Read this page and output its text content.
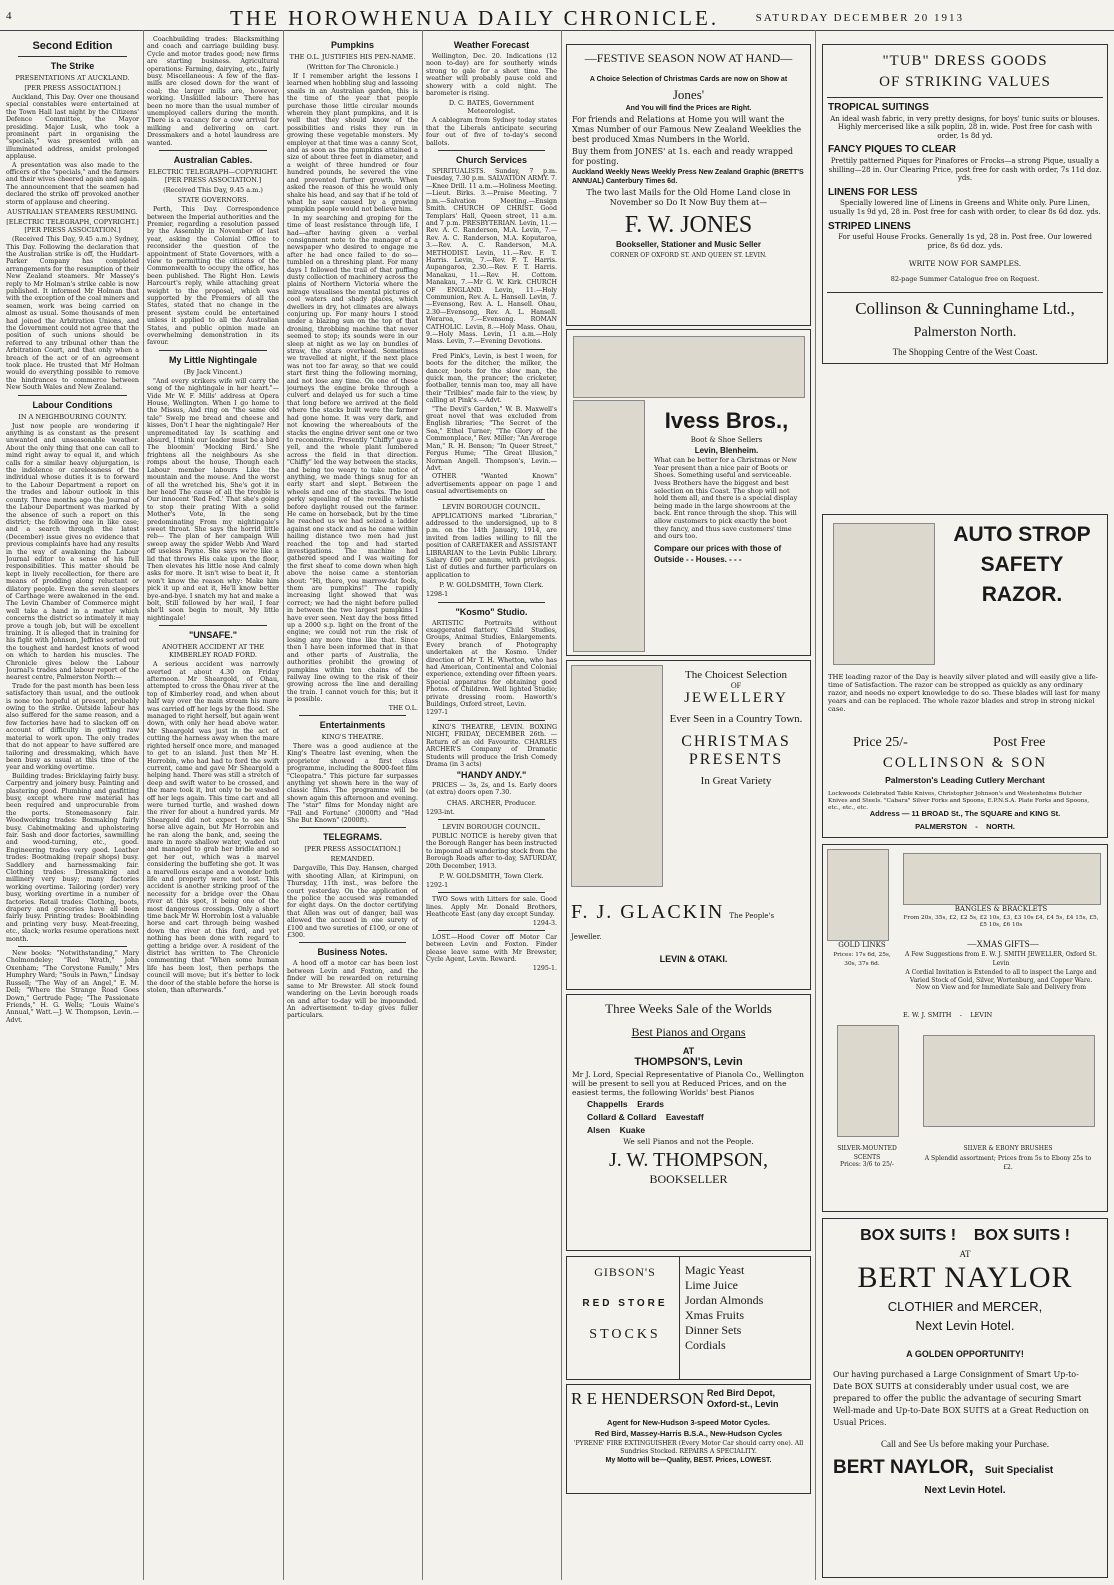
4	THE HOROWHENUA DAILY CHRONICLE.	SATURDAY DECEMBER 20 1913
Second Edition
The Strike
PRESENTATIONS AT AUCKLAND.
[PER PRESS ASSOCIATION.]

Auckland, This Day. Over one thousand special constables were entertained at the Town Hall last night by the Citizens' Defence Committee, the Mayor presiding. Major Lusk, who took a prominent part in organising the "specials," was presented with an illuminated address, amidst prolonged applause.

A presentation was also made to the officers of the "specials," and the farmers and their wives cheered again and again. The announcement that the seamen had declared the strike off provoked another storm of applause and cheering.

AUSTRALIAN STEAMERS RESUMING.
[ELECTRIC TELEGRAPH, COPYRIGHT.] [PER PRESS ASSOCIATION.]

(Received This Day, 9.45 a.m.) Sydney, This Day. Following the declaration that the Australian strike is off, the Huddart-Parker Company has completed arrangements for the resumption of their New Zealand steamers. Mr Massey's reply to Mr Holman's strike cable is now published. It informed Mr Holman that with the exception of the coal miners and seamen, work was being carried on almost as usual. Some thousands of men had joined the Arbitration Unions, and the Government could not agree that the position of such unions should be referred to any tribunal other than the Arbitration Court, and that only when a breach of the act or of an agreement took place. He trusted that Mr Holman would do everything possible to remove the hindrances to commerce between New South Wales and New Zealand.

Labour Conditions
IN A NEIGHBOURING COUNTY.

Just now people are wondering if anything is as constant as the present unwanted and unseasonable weather. About the only thing that one can call to mind right away to equal it, and which calls for a similar heavy objurgation, is the indolence or carelessness of the individual whose duties it is to forward to the Labour Department a report on the trades and labour outlook in this county. Three months ago the Journal of the Labour Department was marked by the absence of such a report on this district; the following one in like case; and a search through the latest (December) issue gives no evidence that previous complaints have had any results in the way of awakening the Labour Journal editor to a sense of his full responsibilities. This matter should be kept in lively recollection, for there are means of prodding along reluctant or dilatory people. Even the seven sleepers of Carthage were awakened in the end. The Levin Chamber of Commerce might well take a hand in a matter which concerns the district so intimately it may prove a tough job, but will be excellent training. It is alleged that in training for his fight with Johnson, Jeffries sorted out the toughest and hardest knots of wood on which to harden his muscles. The Chronicle gives below the Labour Journal's trades and labour report of the nearest centre, Palmerston North:—

Trade for the past month has been less satisfactory than usual, and the outlook is none too hopeful at present, probably owing to the strike. Outside labour has also suffered for the same reason, and a few factories have had to slacken off on account of difficulty in getting raw material to work upon. The only trades that do not appear to have suffered are tailoring and dressmaking, which have been busy as usual at this time of the year and working overtime.

Building trades: Bricklaying fairly busy. Carpentry and joinery busy. Painting and plastering good. Plumbing and gasfitting busy, except where raw material has been required and unprocurable from the ports. Stonemasonry fair. Woodworking trades: Boxmaking fairly busy. Cabinetmaking and upholstering fair. Sash and door factories, sawmilling and wood-turning, etc., good. Engineering trades very good. Leather trades: Bootmaking (repair shops) busy. Saddlery and harnessmaking fair. Clothing trades: Dressmaking and millinery very busy; many factories working overtime. Tailoring (order) very busy, working overtime in a number of factories. Retail trades: Clothing, boots, drapery and groceries have all been fairly busy. Printing trades: Bookbinding and printing very busy. Meat-freezing, etc., slack; works resume operations next month.

New books: "Notwithstanding," Mary Cholmondeley; "Red Wrath," John Oxenham; "The Corystone Family," Mrs Humphry Ward; "Souls in Pawn," Lindsay Russell; "The Way of an Angel," E. M. Dell; "Where the Strange Road Goes Down," Gertrude Page; "The Passionate Friends," H. G. Wells; "Louis Waine's Annual," Watt.—J. W. Thompson, Levin.—Advt.

Coachbuilding trades: Blacksmithing and coach and carriage building busy. Cycle and motor trades good; new firms are starting business. Agricultural operations: Farming, dairying, etc., fairly busy. Miscellaneous: A few of the flax-mills are closed down for the want of coal; the larger mills are, however, working. Unskilled labour: There has been no more than the usual number of unemployed callers during the month. There is a vacancy for a cow arrival for milking and delivering on cart. Dressmakers and a hotel laundress are wanted.

Australian Cables.
ELECTRIC TELEGRAPH—COPYRIGHT. [PER PRESS ASSOCIATION.]
(Received This Day, 9.45 a.m.)
STATE GOVERNORS.

Perth, This Day. Correspondence between the Imperial authorities and the Premier, regarding a resolution passed by the Assembly in November of last year, asking the Colonial Office to reconsider the question of the appointment of State Governors, with a view to permitting the citizens of the Commonwealth to occupy the office, has been published. The Right Hon. Lewis Harcourt's reply, while attaching great weight to the proposal, which was supported by the Premiers of all the States, stated that no change in the present system could be entertained unless it applied to all the Australian States, and public opinion made an overwhelming demonstration in its favour.

My Little Nightingale
(By Jack Vincent.)

"And every strikers wife will carry the song of the nightingale in her heart."—Vide Mr W. F. Mills' address at Opera House, Wellington. When I go home to the Missus, And ring on "the same old tale" Swelp me bread and cheese and kisses, Don't I hear the nightingale? Her unpremeditated lay Is scathing and absurd, I think our leader must be a bird The bloomin' 'Mocking Bird.' She frightens all the neighbours As she romps about the house, Though each Labour member labours Like the mountain and the mouse. And the worst of all the wretched bis, She's got it in her head The cause of all the trouble is Our innocent 'Red Fed.' That she's going to stop their prating With a solid Mother's Vote, In the song predominating From my nightingale's sweet throat. She says the horrid little reb— The plan of her campaign Will sweep away the spider Webb And Ward off useless Payne. She says we're like a lid that throws His cake upon the floor, Then elevates his little nose And calmly asks for more. It isn't wise to beat it, It won't know the reason why: Make him pick it up and eat it, He'll know better bye-and-bye. I snatch my hat and make a bolt, Still followed by her wail, I fear she'll soon begin to moult, My little nightingale!

"UNSAFE."
ANOTHER ACCIDENT AT THE KIMBERLEY ROAD FORD.

A serious accident was narrowly averted at about 4.30 on Friday afternoon. Mr Sheargold, of Ohau, attempted to cross the Ohau river at the top of Kimberley road, and when about half way over the main stream his mare was carried off her legs by the flood. She managed to right herself, but again went down, with only her head above water. Mr Sheargold was just in the act of cutting the harness away when the mare righted herself once more, and managed to get to an island. Just then Mr H. Horrobin, who had had to ford the swift current, came and gave Mr Sheargold a helping hand. There was still a stretch of deep and swift water to be crossed, and the mare took it, but only to be washed off her legs again. This time cart and all were turned turtle, and washed down the river for about a hundred yards. Mr Sheargold did not expect to see his horse alive again, but Mr Horrobin and he ran along the bank, and, seeing the mare in more shallow water, waded out and managed to grab her bridle and so get her out, which was a marvel considering the buffeting she got. It was a marvellous escape and a wonder both life and property were not lost. This accident is another striking proof of the necessity for a bridge over the Ohau river at this spot, it being one of the most dangerous crossings. Only a short time back Mr W. Horrobin lost a valuable horse and cart through being washed down the river at this ford, and yet nothing has been done with regard to getting a bridge over. A resident of the district has written to The Chronicle commenting that "When some human life has been lost, then perhaps the council will move; but it's better to lock the door of the stable before the horse is stolen, than afterwards."

Pumpkins
THE O.L. JUSTIFIES HIS PEN-NAME.
(Written for The Chronicle.)

If I remember aright the lessons I learned when hobbling slug and lassoing snails in an Australian garden, this is the time of the year that people purchase those little circular mounds wherein they plant pumpkins, and it is well that they should know of the possibilities and risks they run in growing these vegetable monsters. My employer at that time was a canny Scot, and as soon as the pumpkins attained a size of about three feet in diameter, and a weight of three hundred or four hundred pounds, he severed the vine and prevented further growth. When asked the reason of this he would only shake his head, and say that if he told of what he saw caused by a growing pumpkin people would not believe him.

In my searching and groping for the time of least resistance through life, I had—after having given a verbal consignment note to the manager of a newspaper who desired to engage me after he had once failed to do so—tumbled on a threshing plant. For many days I followed the trail of that puffing dusty collection of machinery across the plains of Northern Victoria where the mirage visualises the mental pictures of cool waters and shady places, which dwellers in dry, hot climates are always conjuring up. For many hours I stood under a blazing sun on the top of that droning, throbbing machine that never seemed to stop; its sounds were in our sleep at night as we lay on bundles of straw, the stars overhead. Sometimes we travelled at night, if the next place was not too far away, so that we could start first thing the following morning, and not lose any time. On one of these journeys the engine broke through a culvert and delayed us for such a time that long before we arrived at the field where the stacks built were the farmer had gone home. It was very dark, and not knowing the whereabouts of the stacks the engine driver sent one or two to reconnoitre. Presently "Chiffy" gave a yell, and the whole plant lumbered across the field in that direction. "Chiffy" led the way between the stacks, and being too weary to take notice of anything, we made things snug for an early start and slept. Between the wheels and one of the stacks. The loud perky squealing of the reveille whistle before daylight roused out the farmer. He came on horseback, but by the time he reached us we had seized a ladder against one stack and as he came within hailing distance two men had just reached the top and had started investigations. The machine had gathered speed and I was waiting for the first sheaf to come down when high above the noise came a stentorian shout: "Hi, there, you marrow-fat fools, them are pumpkins!" The rapidly increasing light showed that was correct; we had the night before pulled in between the two largest pumpkins I have ever seen. Next day the boss fitted up a 2000 s.p. light on the front of the engine; we could not run the risk of losing any more time like that. Since then I have been informed that in that and other parts of Australia, the authorities prohibit the growing of pumpkins within ten chains of the railway line owing to the risk of their growing across the line and derailing the train. I cannot vouch for this; but it is possible.

THE O.L.
Entertainments
KING'S THEATRE.

There was a good audience at the King's Theatre last evening, when the proprietor showed a first class programme, including the 8000-feet film "Cleopatra." This picture far surpasses anything yet shown here in the way of classic films. The programme will be shown again this afternoon and evening. The "star" films for Monday night are "Fall and Fortune" (3000ft) and "Had She But Known" (2000ft).

TELEGRAMS.
[PER PRESS ASSOCIATION.]
REMANDED.

Dargaville, This Day. Hansen, charged with shooting Allan, at Kirimpuni, on Thursday, 11th inst., was before the court yesterday. On the application of the police the accused was remanded for eight days. On the doctor certifying that Allen was out of danger, bail was allowed the accused in one surety of £100 and two sureties of £100, or one of £300.

Business Notes.

A hood off a motor car has been lost between Levin and Foxton, and the finder will be rewarded on returning same to Mr Brewster. All stock found wandering on the Levin borough roads on and after to-day will be impounded. An advertisement to-day gives fuller particulars.

Weather Forecast

Wellington, Dec. 20. Indications (12 noon to-day) are for southerly winds strong to gale for a short time. The weather will probably pause cold and showery with a cold night. The barometer is rising.

D. C. BATES, Government Meteorologist.

A cablegram from Sydney today states that the Liberals anticipate securing four out of five of to-day's second ballots.

Church Services

SPIRITUALISTS. Sunday, 7 p.m. Tuesday, 7.30 p.m. SALVATION ARMY. 7.—Knee Drill. 11 a.m.—Holiness Meeting.—Lieut. Birks. 3.—Praise Meeting. 7 p.m.—Salvation Meeting.—Ensign Smith. CHURCH OF CHRIST. Good Templars' Hall, Queen street, 11 a.m. and 7 p.m. PRESBYTERIAN. Levin, 11.—Rev. A. C. Randerson, M.A. Levin, 7.—Rev. A. C. Randerson, M.A. Koputaroa, 3.—Rev. A. C. Randerson, M.A. METHODIST. Levin, 11.—Rev. F. T. Harris. Levin, 7.—Rev. F. T. Harris. Aupangaroa, 2.30.—Rev. F. T. Harris. Manakau, 11.—Rev. H. Cottom. Manakau, 7.—Mr G. W. Kirk. CHURCH OF ENGLAND. Levin, 11.—Holy Communion, Rev. A. L. Hansell. Levin, 7.—Evensong, Rev. A. L. Hansell. Ohau, 2.30—Evensong, Rev. A. L. Hansell. Weraroa, 7.—Evensong. ROMAN CATHOLIC. Levin, 8.—Holy Mass. Ohau, 9.—Holy Mass. Levin, 11 a.m.—Holy Mass. Levin, 7.—Evening Devotions.

Fred Pink's, Levin, is best I ween, for boots for the ditcher, the milker, the dancer, boots for the slow man, the quick man, the prancer; the cricketer, footballer, tennis man too, may all have their "Trilbies" made fair to the view, by calling at Pink's.—Advt.

"The Devil's Garden," W. B. Maxwell's great novel that was excluded from English libraries; "The Secret of the Sea," Ethel Turner; "The Glory of the Commonplace," Rev. Miller; "An Average Man," R. H. Benson; "In Queer Street," Fergus Hume; "The Great Illusion," Norman Angell. Thompson's, Levin.—Advt.

OTHER "Wanted Known" advertisements appear on page 1 and casual advertisements on

LEVIN BOROUGH COUNCIL.

APPLICATIONS marked "Librarian," addressed to the undersigned, up to 8 p.m. on the 14th January, 1914, are invited from ladies willing to fill the position of CARETAKER and ASSISTANT LIBRARIAN to the Levin Public Library. Salary £60 per annum, with privileges. List of duties and further particulars on application to

P. W. GOLDSMITH, Town Clerk.
1298-1
"Kosmo" Studio.

ARTISTIC Portraits without exaggerated flattery. Child Studies, Groups, Animal Studies, Enlargements. Every branch of Photography undertaken at the Kosmo. Under direction of Mr T. H. Whetton, who has had American, Continental and Colonial experience, extending over fifteen years. Special apparatus for obtaining good Photos. of Children. Well lighted Studio; private dressing room. Haworth's Buildings, Oxford street, Levin.

1297-1

KING'S THEATRE, LEVIN. BOXING NIGHT, FRIDAY, DECEMBER 26th. —Return of an old Favourite. CHARLES ARCHER'S Company of Dramatic Students will produce the Irish Comedy Drama (in 3 acts)

"HANDY ANDY."

PRICES — 3s, 2s, and 1s. Early doors (at extra) doors open 7.30.

CHAS. ARCHER, Producer.
1293-int.
LEVIN BOROUGH COUNCIL.

PUBLIC NOTICE is hereby given that the Borough Ranger has been instructed to impound all wandering stock from the Borough Roads after to-day, SATURDAY, 20th December, 1913.

P. W. GOLDSMITH, Town Clerk.
1292-1

TWO Sows with Litters for sale. Good lines. Apply Mr. Donald Brothers, Heathcote East (any day except Sunday.

1294-3.

LOST.—Hood Cover off Motor Car between Levin and Foxton. Finder please leave same with Mr Brewster, Cycle Agent, Levin. Reward.

1295-1.
—FESTIVE SEASON NOW AT HAND—
A Choice Selection of Christmas Cards are now on Show at
Jones'
And You will find the Prices are Right.
For friends and Relations at Home you will want the Xmas Number of our Famous New Zealand Weeklies the best produced Xmas Numbers in the World.
Buy them from JONES' at 1s. each and ready wrapped for posting.
Auckland Weekly News Weekly Press New Zealand Graphic (BRETT'S ANNUAL) Canterbury Times 6d.
The two last Mails for the Old Home Land close in November so Do It Now Buy them at—
F. W. JONES
Bookseller, Stationer and Music Seller
CORNER OF OXFORD ST. AND QUEEN ST. LEVIN.
Ivess Bros.,
Boot & Shoe Sellers
Levin, Blenheim.
What can be better for a Christmas or New Year present than a nice pair of Boots or Shoes. Something useful and serviceable. Ivess Brothers have the biggest and best selection on this Coast. The shop will not hold them all, and there is a special display being made in the large showroom at the back. Ent rance through the shop. This will allow customers to pick exactly the boot they fancy, and thus save customers' time and ours too.
Compare our prices with those of Outside - - Houses. - - -
The Choicest Selection
OF
JEWELLERY
Ever Seen in a Country Town.
CHRISTMAS PRESENTS
In Great Variety
F. J. GLACKIN The People's Jeweller.
LEVIN & OTAKI.
Three Weeks Sale of the Worlds
Best Pianos and Organs
AT
THOMPSON'S, Levin
Mr J. Lord, Special Representative of Pianola Co., Wellington will be present to sell you at Reduced Prices, and on the easiest terms, the following Worlds' best Pianos
Chappells    Erards
Collard & Collard    Eavestaff
Alsen    Kuake
We sell Pianos and not the People.
J. W. THOMPSON,
BOOKSELLER
GIBSON'S
RED STORE
STOCKS
Magic Yeast
Lime Juice
Jordan Almonds
Xmas Fruits
Dinner Sets
Cordials
R E HENDERSON Red Bird Depot, Oxford-st., Levin
Agent for New-Hudson 3-speed Motor Cycles.
Red Bird, Massey-Harris B.S.A., New-Hudson Cycles
'PYRENE' FIRE EXTINGUISHER (Every Motor Car should carry one). All Sundries Stocked. REPAIRS A SPECIALITY.
My Motto will be—Quality, BEST. Prices, LOWEST.
"TUB" DRESS GOODS
OF STRIKING VALUES
TROPICAL SUITINGS
An ideal wash fabric, in very pretty designs, for boys' tunic suits or blouses. Highly mercerised like a silk poplin, 28 in. wide. Post free for cash with order, 1s 8d yd.
FANCY PIQUES TO CLEAR
Prettily patterned Piques for Pinafores or Frocks—a strong Pique, usually a shilling—28 in. Our Clearing Price, post free for cash with order, 7s 11d doz. yds.
LINENS FOR LESS
Specially lowered line of Linens in Greens and White only. Pure Linen, usually 1s 9d yd, 28 in. Post free for cash with order, to clear 8s 6d doz. yds.
STRIPED LINENS
For useful House Frocks. Generally 1s yd, 28 in. Post free. Our lowered price, 8s 6d doz. yds.
WRITE NOW FOR SAMPLES.
82-page Summer Catalogue free on Request.
Collinson & Cunninghame Ltd.,
Palmerston North.
The Shopping Centre of the West Coast.
AUTO STROP
SAFETY
RAZOR.
THE leading razor of the Day is heavily silver plated and will easily give a life-time of Satisfaction. The razor can be stropped as quickly as any ordinary razor, and needs no expert knowledge to do so. These blades will last for many years and can be replaced. The whole razor blades and strop in strong nickel case.
Price 25/-	Post Free
COLLINSON & SON
Palmerston's Leading Cutlery Merchant
Lockwoods Celebrated Table Knives, Christopher Johnson's and Westenholms Butcher Knives and Steels. "Cabara" Silver Forks and Spoons, E.P.N.S.A. Plate Forks and Spoons, etc., etc., etc.
Address — 11 BROAD St., The SQUARE and KING St.
PALMERSTON    -    NORTH.
BANGLES & BRACKLETS
From 20s, 35s, £2, £2 5s, £2 10s, £3, £3 10s £4, £4 5s, £4 15s, £5, £5 10s, £6 10s
GOLD LINKS
Prices: 17s 6d, 25s, 30s, 37s 6d.
—XMAS GIFTS—
A Few Suggestions from E. W. J. SMITH JEWELLER, Oxford St. Levin
A Cordial Invitation is Extended to all to inspect the Large and Varied Stock of Gold, Silver, Wortenburg, and Copper Ware. Now on View and for Immediate Sale and Delivery from
E. W. J. SMITH    -    LEVIN
SILVER-MOUNTED SCENTS
Prices: 3/6 to 25/-
SILVER & EBONY BRUSHES
A Splendid assortment; Prices from 5s to Ebony 25s to £2.
BOX SUITS !    BOX SUITS !
AT
BERT NAYLOR
CLOTHIER and MERCER,
Next Levin Hotel.
A GOLDEN OPPORTUNITY!
Our having purchased a Large Consignment of Smart Up-to-Date BOX SUITS at considerably under usual cost, we are prepared to offer the public the advantage of securing Smart Well-made and Up-to-Date BOX SUITS at a Great Reduction on Usual Prices.
Call and See Us before making your Purchase.
BERT NAYLOR, Suit Specialist
Next Levin Hotel.
